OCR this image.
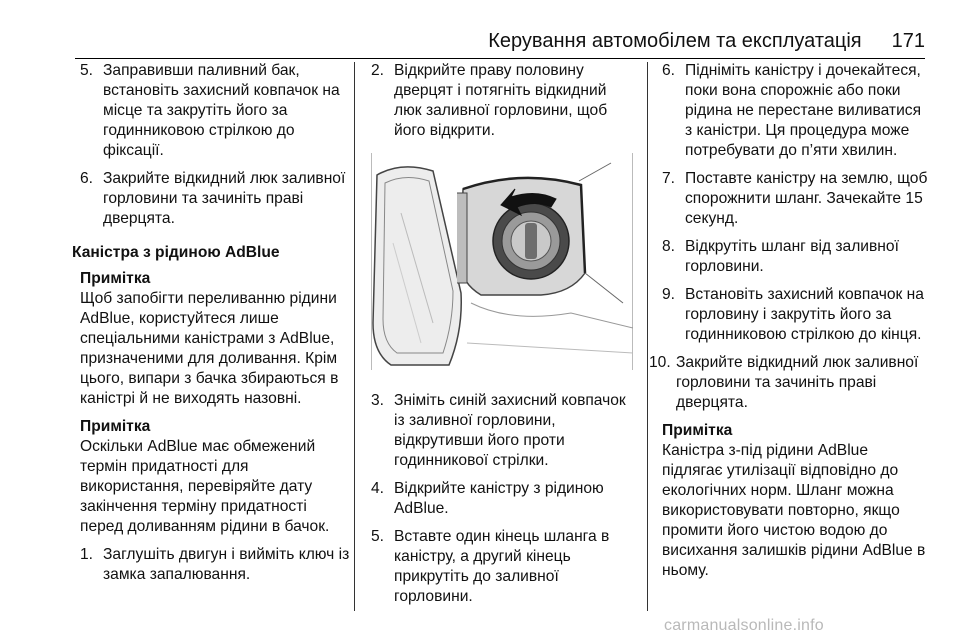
Керування автомобілем та експлуатація 171
5. Заправивши паливний бак, встановіть захисний ковпачок на місце та закрутіть його за годинниковою стрілкою до фіксації.
6. Закрийте відкидний люк заливної горловини та зачиніть праві дверцята.
Каністра з рідиною AdBlue
Примітка
Щоб запобігти переливанню рідини AdBlue, користуйтеся лише спеціальними каністрами з AdBlue, призначеними для доливання. Крім цього, випари з бачка збираються в каністрі й не виходять назовні.
Примітка
Оскільки AdBlue має обмежений термін придатності для використання, перевіряйте дату закінчення терміну придатності перед доливанням рідини в бачок.
1. Заглушіть двигун і вийміть ключ із замка запалювання.
2. Відкрийте праву половину дверцят і потягніть відкидний люк заливної горловини, щоб його відкрити.
3. Зніміть синій захисний ковпачок із заливної горловини, відкрутивши його проти годинникової стрілки.
4. Відкрийте каністру з рідиною AdBlue.
5. Вставте один кінець шланга в каністру, а другий кінець прикрутіть до заливної горловини.
6. Підніміть каністру і дочекайтеся, поки вона спорожніє або поки рідина не перестане виливатися з каністри. Ця процедура може потребувати до п’яти хвилин.
7. Поставте каністру на землю, щоб спорожнити шланг. Зачекайте 15 секунд.
8. Відкрутіть шланг від заливної горловини.
9. Встановіть захисний ковпачок на горловину і закрутіть його за годинниковою стрілкою до кінця.
10. Закрийте відкидний люк заливної горловини та зачиніть праві дверцята.
Примітка
Каністра з-під рідини AdBlue підлягає утилізації відповідно до екологічних норм. Шланг можна використовувати повторно, якщо промити його чистою водою до висихання залишків рідини AdBlue в ньому.
carmanualsonline.info
